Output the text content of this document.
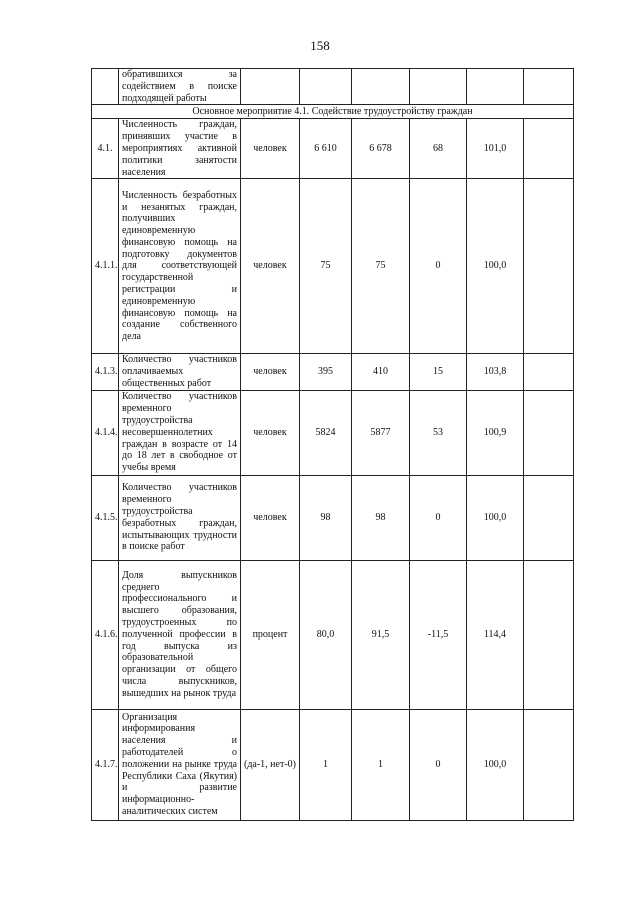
158
	обратившихся за содействием в поиске подходящей работы						
Основное мероприятие 4.1. Содействие трудоустройству граждан							
4.1.	Численность граждан, принявших участие в мероприятиях активной политики занятости населения	человек	6 610	6 678	68	101,0	
4.1.1.	Численность безработных и незанятых граждан, получивших единовременную финансовую помощь на подготовку документов для соответствующей государственной регистрации и единовременную финансовую помощь на создание собственного дела	человек	75	75	0	100,0	
4.1.3.	Количество участников оплачиваемых общественных работ	человек	395	410	15	103,8	
4.1.4.	Количество участников временного трудоустройства несовершеннолетних граждан в возрасте от 14 до 18 лет в свободное от учебы время	человек	5824	5877	53	100,9	
4.1.5.	Количество участников временного трудоустройства безработных граждан, испытывающих трудности в поиске работ	человек	98	98	0	100,0	
4.1.6.	Доля выпускников среднего профессионального и высшего образования, трудоустроенных по полученной профессии в год выпуска из образовательной организации от общего числа выпускников, вышедших на рынок труда	процент	80,0	91,5	-11,5	114,4	
4.1.7.	Организация информирования населения и работодателей о положении на рынке труда Республики Саха (Якутия) и развитие информационно-аналитических систем	(да-1, нет-0)	1	1	0	100,0	
